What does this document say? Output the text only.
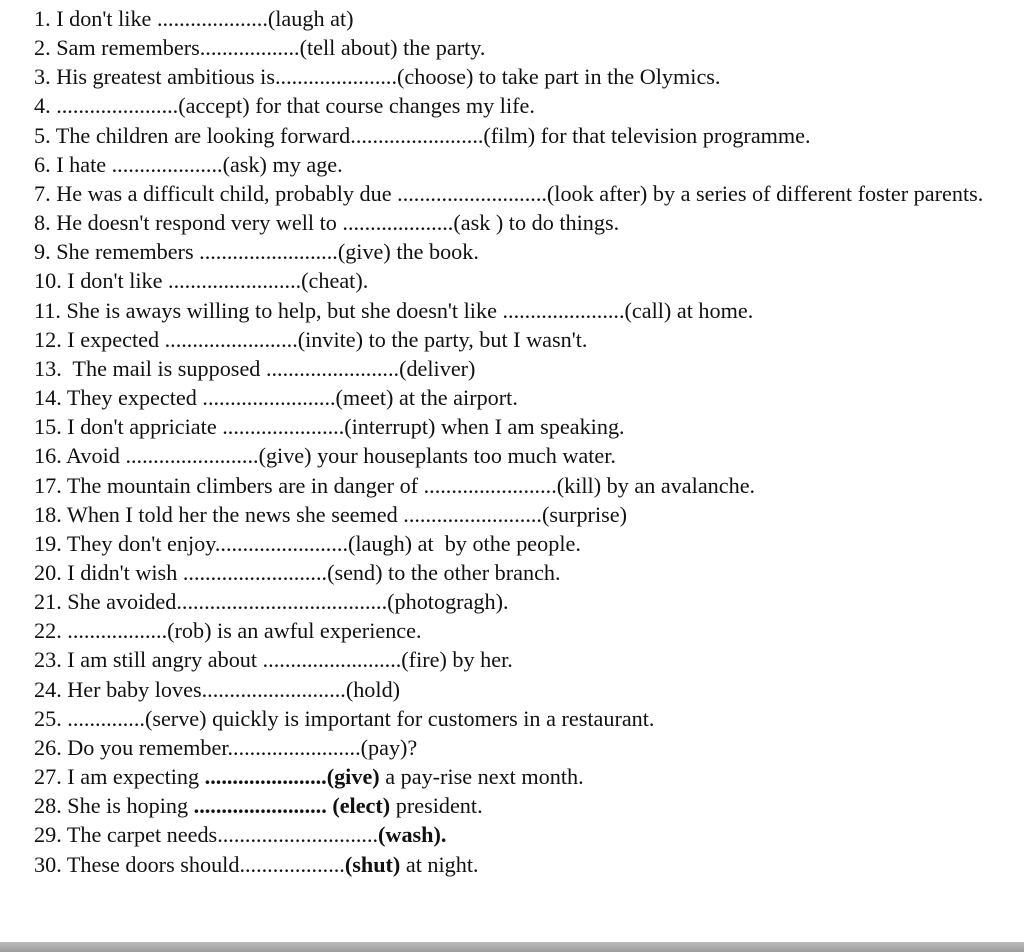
1. I don't like ....................(laugh at)
2. Sam remembers..................(tell about) the party.
3. His greatest ambitious is......................(choose) to take part in the Olymics.
4. ......................(accept) for that course changes my life.
5. The children are looking forward........................(film) for that television programme.
6. I hate ....................(ask) my age.
7. He was a difficult child, probably due ...........................(look after) by a series of different foster parents.
8. He doesn't respond very well to ....................(ask ) to do things.
9. She remembers .........................(give) the book.
10. I don't like ........................(cheat).
11. She is aways willing to help, but she doesn't like ......................(call) at home.
12. I expected ........................(invite) to the party, but I wasn't.
13.  The mail is supposed ........................(deliver)
14. They expected ........................(meet) at the airport.
15. I don't appriciate ......................(interrupt) when I am speaking.
16. Avoid ........................(give) your houseplants too much water.
17. The mountain climbers are in danger of ........................(kill) by an avalanche.
18. When I told her the news she seemed .........................(surprise)
19. They don't enjoy........................(laugh) at  by othe people.
20. I didn't wish ..........................(send) to the other branch.
21. She avoided......................................(photogragh).
22. ..................(rob) is an awful experience.
23. I am still angry about .........................(fire) by her.
24. Her baby loves..........................(hold)
25. ..............(serve) quickly is important for customers in a restaurant.
26. Do you remember........................(pay)?
27. I am expecting ......................(give) a pay-rise next month.
28. She is hoping ........................ (elect) president.
29. The carpet needs.............................(wash).
30. These doors should...................(shut) at night.
